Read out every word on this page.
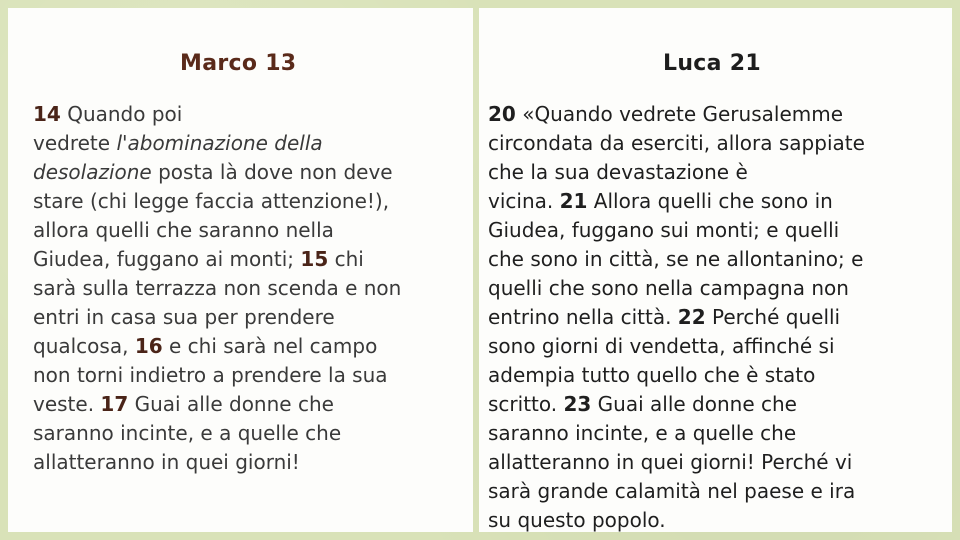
Marco 13
14 Quando poi
vedrete l'abominazione della
desolazione posta là dove non deve
stare (chi legge faccia attenzione!),
allora quelli che saranno nella
Giudea, fuggano ai monti; 15 chi
sarà sulla terrazza non scenda e non
entri in casa sua per prendere
qualcosa, 16 e chi sarà nel campo
non torni indietro a prendere la sua
veste. 17 Guai alle donne che
saranno incinte, e a quelle che
allatteranno in quei giorni!
Luca 21
20 «Quando vedrete Gerusalemme
circondata da eserciti, allora sappiate
che la sua devastazione è
vicina. 21 Allora quelli che sono in
Giudea, fuggano sui monti; e quelli
che sono in città, se ne allontanino; e
quelli che sono nella campagna non
entrino nella città. 22 Perché quelli
sono giorni di vendetta, affinché si
adempia tutto quello che è stato
scritto. 23 Guai alle donne che
saranno incinte, e a quelle che
allatteranno in quei giorni! Perché vi
sarà grande calamità nel paese e ira
su questo popolo.
